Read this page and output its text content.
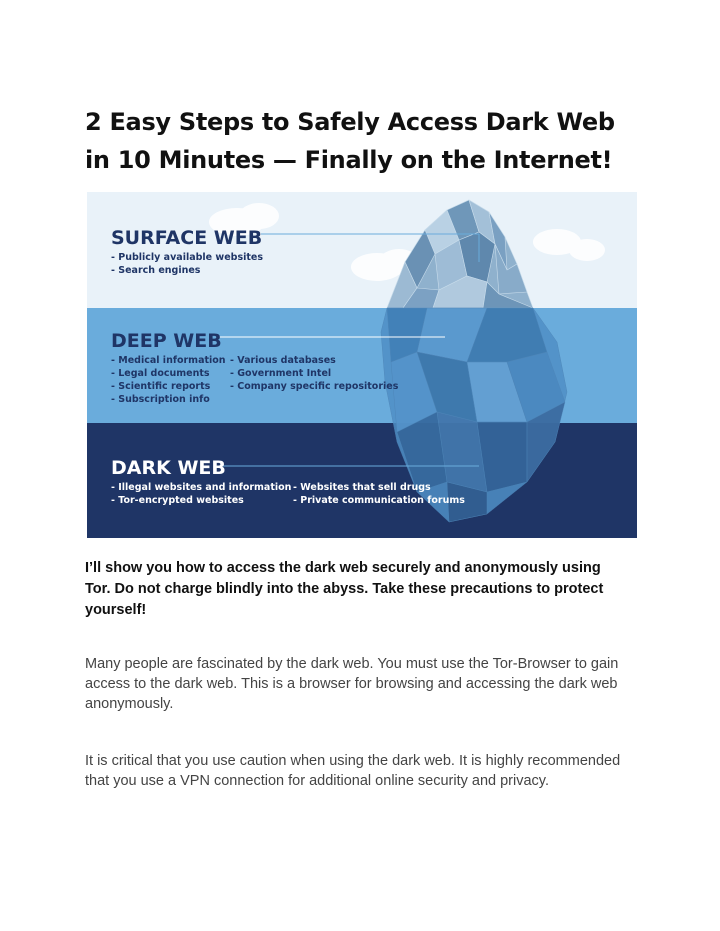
2 Easy Steps to Safely Access Dark Web in 10 Minutes — Finally on the Internet!
SURFACE WEB
- Publicly available websites
- Search engines
DEEP WEB
- Medical information
- Legal documents
- Scientific reports
- Subscription info
- Various databases
- Government Intel
- Company specific repositories
DARK WEB
- Illegal websites and information
- Tor-encrypted websites
- Websites that sell drugs
- Private communication forums

I’ll show you how to access the dark web securely and anonymously using Tor. Do not charge blindly into the abyss. Take these precautions to protect yourself!

Many people are fascinated by the dark web. You must use the Tor-Browser to gain access to the dark web. This is a browser for browsing and accessing the dark web anonymously.

It is critical that you use caution when using the dark web. It is highly recommended that you use a VPN connection for additional online security and privacy.
